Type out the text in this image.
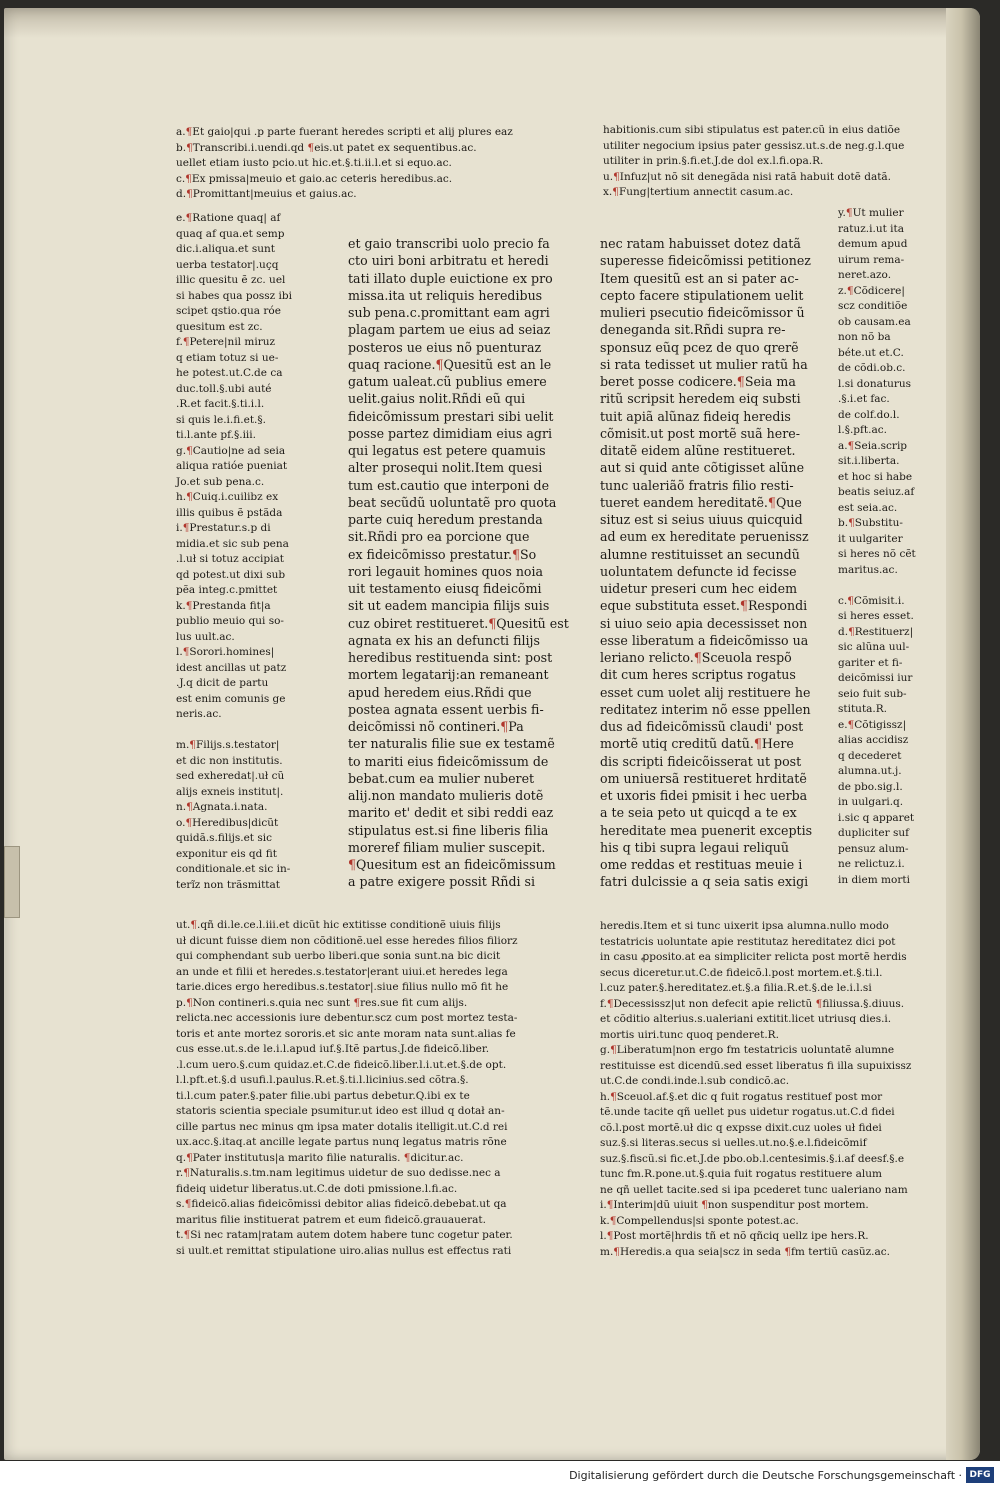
a.¶Et gaio|qui .p parte fuerant heredes scripti et alij plures eaz

b.¶Transcribi.i.uendi.qd ¶eis.ut patet ex sequentibus.ac.

uellet etiam iusto pcio.ut hic.et.§.ti.ii.l.et si equo.ac.

c.¶Ex pmissa|meuio et gaio.ac ceteris heredibus.ac.

d.¶Promittant|meuius et gaius.ac.

e.¶Ratione quaq| af

quaq af qua.et semp

dic.i.aliqua.et sunt

uerba testator|.uçq

illic quesitu ẽ zc. uel

si habes qua possz ibi

scipet qstio.qua róe

quesitum est zc.

f.¶Petere|nil miruz

q etiam totuz si ue-

he potest.ut.C.de ca

duc.toll.§.ubi auté

.R.et facit.§.ti.i.l.

si quis le.i.fi.et.§.

ti.l.ante pf.§.iii.

g.¶Cautio|ne ad seia

aliqua ratióe pueniat

Jo.et sub pena.c.

h.¶Cuiq.i.cuilibz ex

illis quibus ẽ pstãda

i.¶Prestatur.s.p di

midia.et sic sub pena

.l.uł si totuz accipiat

qd potest.ut dixi sub

pẽa integ.c.pmittet

k.¶Prestanda fit|a

publio meuio qui so-

lus uult.ac.

l.¶Sorori.homines|

idest ancillas ut patz

.J.q dicit de partu

est enim comunis ge

neris.ac.

m.¶Filijs.s.testator|

et dic non institutis.

sed exheredat|.uł cũ

alijs exneis institut|.

n.¶Agnata.i.nata.

o.¶Heredibus|dicũt

quidã.s.filijs.et sic

exponitur eis qd fit

conditionale.et sic in-

terĩz non trãsmittat

et gaio transcribi uolo precio fa

cto uiri boni arbitratu et heredi

tati illato duple euictione ex pro

missa.ita ut reliquis heredibus

sub pena.c.promittant eam agri

plagam partem ue eius ad seiaz

posteros ue eius nõ puenturaz

quaq racione.¶Quesitũ est an le

gatum ualeat.cũ publius emere

uelit.gaius nolit.Rñdi eũ qui

fideicõmissum prestari sibi uelit

posse partez dimidiam eius agri

qui legatus est petere quamuis

alter prosequi nolit.Item quesi

tum est.cautio que interponi de

beat secũdũ uoluntatẽ pro quota

parte cuiq heredum prestanda

sit.Rñdi pro ea porcione que

ex fideicõmisso prestatur.¶So

rori legauit homines quos noia

uit testamento eiusq fideicõmi

sit ut eadem mancipia filijs suis

cuz obiret restitueret.¶Quesitũ est

agnata ex his an defuncti filijs

heredibus restituenda sint: post

mortem legatarij:an remaneant

apud heredem eius.Rñdi que

postea agnata essent uerbis fi-

deicõmissi nõ contineri.¶Pa

ter naturalis filie sue ex testamẽ

to mariti eius fideicõmissum de

bebat.cum ea mulier nuberet

alij.non mandato mulieris dotẽ

marito et' dedit et sibi reddi eaz

stipulatus est.si fine liberis filia

moreref filiam mulier suscepit.

¶Quesitum est an fideicõmissum

a patre exigere possit Rñdi si

habitionis.cum sibi stipulatus est pater.cũ in eius datiõe

utiliter negocium ipsius pater gessisz.ut.s.de neg.g.l.que

utiliter in prin.§.fi.et.J.de dol ex.l.fi.opa.R.

u.¶Infuz|ut nõ sit denegãda nisi ratã habuit dotẽ datã.

x.¶Fung|tertium annectit casum.ac.

nec ratam habuisset dotez datã

superesse fideicõmissi petitionez

Item quesitũ est an si pater ac-

cepto facere stipulationem uelit

mulieri psecutio fideicõmissor ũ

deneganda sit.Rñdi supra re-

sponsuz eũq pcez de quo qrerẽ

si rata tedisset ut mulier ratũ ha

beret posse codicere.¶Seia ma

ritũ scripsit heredem eiq substi

tuit apiã alũnaz fideiq heredis

cõmisit.ut post mortẽ suã here-

ditatẽ eidem alũne restitueret.

aut si quid ante cõtigisset alũne

tunc ualeriãõ fratris filio resti-

tueret eandem hereditatẽ.¶Que

situz est si seius uiuus quicquid

ad eum ex hereditate peruenissz

alumne restituisset an secundũ

uoluntatem defuncte id fecisse

uidetur preseri cum hec eidem

eque substituta esset.¶Respondi

si uiuo seio apia decessisset non

esse liberatum a fideicõmisso ua

leriano relicto.¶Sceuola respõ

dit cum heres scriptus rogatus

esset cum uolet alij restituere he

reditatez interim nõ esse ppellen

dus ad fideicõmissũ claudi' post

mortẽ utiq creditũ datũ.¶Here

dis scripti fideicõisserat ut post

om uniuersã restitueret hrditatẽ

et uxoris fidei pmisit i hec uerba

a te seia peto ut quicqd a te ex

hereditate mea puenerit exceptis

his q tibi supra legaui reliquũ

ome reddas et restituas meuie i

fatri dulcissie a q seia satis exigi

y.¶Ut mulier

ratuz.i.ut ita

demum apud

uirum rema-

neret.azo.

z.¶Cõdicere|

scz conditiõe

ob causam.ea

non nõ ba

béte.ut et.C.

de cõdi.ob.c.

l.si donaturus

.§.i.et fac.

de colf.do.l.

l.§.pft.ac.

a.¶Seia.scrip

sit.i.liberta.

et hoc si habe

beatis seiuz.af

est seia.ac.

b.¶Substitu-

it uulgariter

si heres nõ cẽt

maritus.ac.

c.¶Cõmisit.i.

si heres esset.

d.¶Restituerz|

sic alũna uul-

gariter et fi-

deicõmissi iur

seio fuit sub-

stituta.R.

e.¶Cõtigissz|

alias accidisz

q decederet

alumna.ut.j.

de pbo.sig.l.

in uulgari.q.

i.sic q apparet

dupliciter suf

pensuz alum-

ne relictuz.i.

in diem morti

ut.¶.qñ di.le.ce.l.iii.et dicũt hic extitisse conditionẽ uiuis filijs

uł dicunt fuisse diem non cõditionẽ.uel esse heredes filios filiorz

qui comphendant sub uerbo liberi.que sonia sunt.na bic dicit

an unde et filii et heredes.s.testator|erant uiui.et heredes lega

tarie.dices ergo heredibus.s.testator|.siue filius nullo mõ fit he

p.¶Non contineri.s.quia nec sunt ¶res.sue fit cum alijs.

relicta.nec accessionis iure debentur.scz cum post mortez testa-

toris et ante mortez sororis.et sic ante moram nata sunt.alias fe

cus esse.ut.s.de le.i.l.apud iuf.§.Itẽ partus.J.de fideicõ.liber.

.l.cum uero.§.cum quidaz.et.C.de fideicõ.liber.l.i.ut.et.§.de opt.

l.l.pft.et.§.d usufi.l.paulus.R.et.§.ti.l.licinius.sed cõtra.§.

ti.l.cum pater.§.pater filie.ubi partus debetur.Q.ibi ex te

statoris scientia speciale psumitur.ut ideo est illud q dotał an-

cille partus nec minus qm ipsa mater dotalis itelligit.ut.C.d rei

ux.acc.§.itaq.at ancille legate partus nunq legatus matris rõne

q.¶Pater institutus|a marito filie naturalis. ¶dicitur.ac.

r.¶Naturalis.s.tm.nam legitimus uidetur de suo dedisse.nec a

fideiq uidetur liberatus.ut.C.de doti pmissione.l.fi.ac.

s.¶fideicõ.alias fideicõmissi debitor alias fideicõ.debebat.ut qa

maritus filie instituerat patrem et eum fideicõ.grauauerat.

t.¶Si nec ratam|ratam autem dotem habere tunc cogetur pater.

si uult.et remittat stipulatione uiro.alias nullus est effectus rati

heredis.Item et si tunc uixerit ipsa alumna.nullo modo

testatricis uoluntate apie restitutaz hereditatez dici pot

in casu ꝓposito.at ea simpliciter relicta post mortẽ herdis

secus diceretur.ut.C.de fideicõ.l.post mortem.et.§.ti.l.

l.cuz pater.§.hereditatez.et.§.a filia.R.et.§.de le.i.l.si

f.¶Decessissz|ut non defecit apie relictũ ¶filiussa.§.diuus.

et cõditio alterius.s.ualeriani extitit.licet utriusq dies.i.

mortis uiri.tunc quoq penderet.R.

g.¶Liberatum|non ergo fm testatricis uoluntatẽ alumne

restituisse est dicendũ.sed esset liberatus fi illa supuixissz

ut.C.de condi.inde.l.sub condicõ.ac.

h.¶Sceuol.af.§.et dic q fuit rogatus restituef post mor

tẽ.unde tacite qñ uellet pus uidetur rogatus.ut.C.d fidei

cõ.l.post mortẽ.uł dic q expsse dixit.cuz uoles uł fidei

suz.§.si literas.secus si uelles.ut.no.§.e.l.fideicõmif

suz.§.fiscũ.si fic.et.J.de pbo.ob.l.centesimis.§.i.af deesf.§.e

tunc fm.R.pone.ut.§.quia fuit rogatus restituere alum

ne qñ uellet tacite.sed si ipa pcederet tunc ualeriano nam

i.¶Interim|dũ uiuit ¶non suspenditur post mortem.

k.¶Compellendus|si sponte potest.ac.

l.¶Post mortẽ|hrdis tñ et nõ qñciq uellz ipe hers.R.

m.¶Heredis.a qua seia|scz in seda ¶fm tertiũ casũz.ac.

Digitalisierung gefördert durch die Deutsche Forschungsgemeinschaft · DFG
